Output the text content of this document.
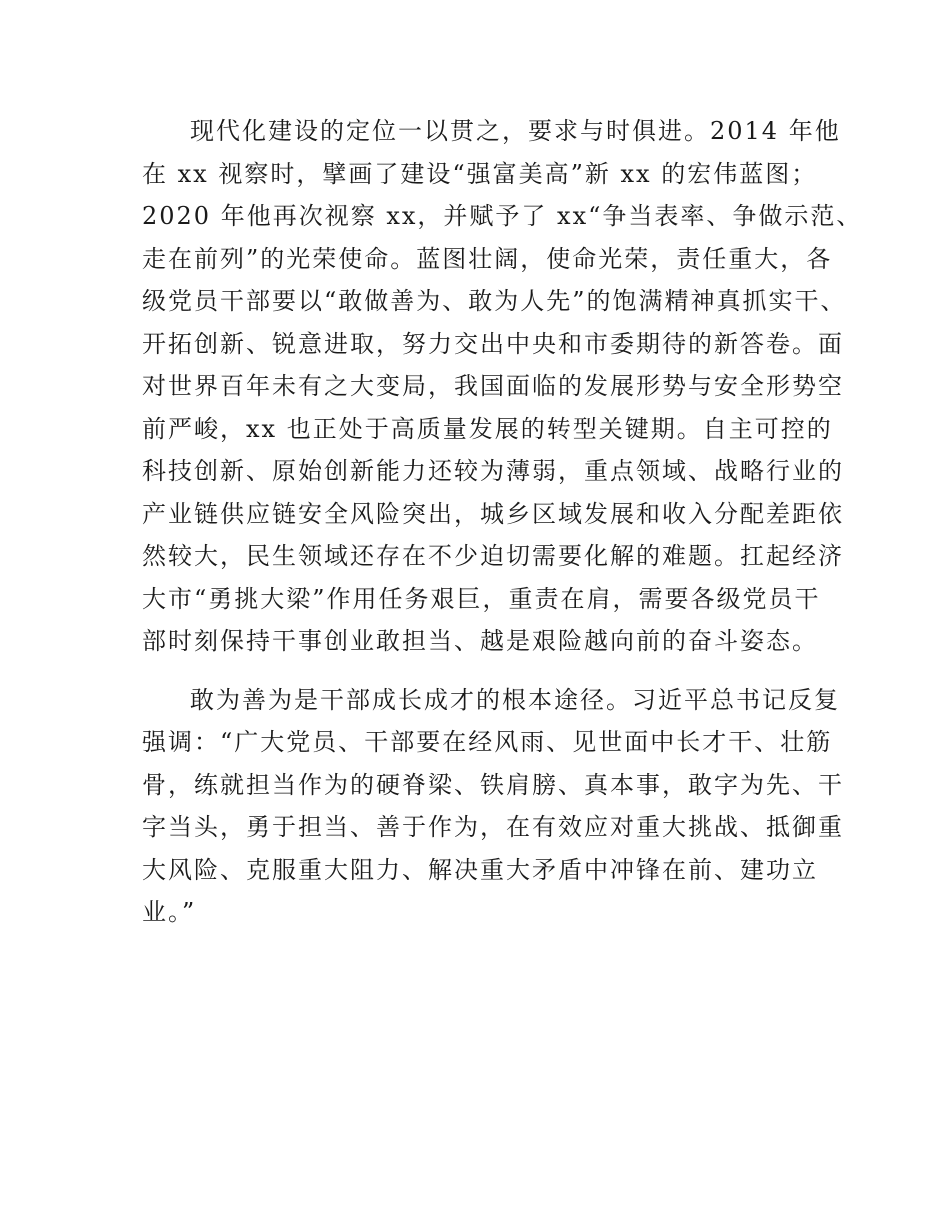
现代化建设的定位一以贯之，要求与时俱进。2014 年他
在 xx 视察时，擘画了建设“强富美高”新 xx 的宏伟蓝图；
2020 年他再次视察 xx，并赋予了 xx“争当表率、争做示范、
走在前列”的光荣使命。蓝图壮阔，使命光荣，责任重大，各
级党员干部要以“敢做善为、敢为人先”的饱满精神真抓实干、
开拓创新、锐意进取，努力交出中央和市委期待的新答卷。面
对世界百年未有之大变局，我国面临的发展形势与安全形势空
前严峻，xx 也正处于高质量发展的转型关键期。自主可控的
科技创新、原始创新能力还较为薄弱，重点领域、战略行业的
产业链供应链安全风险突出，城乡区域发展和收入分配差距依
然较大，民生领域还存在不少迫切需要化解的难题。扛起经济
大市“勇挑大梁”作用任务艰巨，重责在肩，需要各级党员干
部时刻保持干事创业敢担当、越是艰险越向前的奋斗姿态。
敢为善为是干部成长成才的根本途径。习近平总书记反复
强调：“广大党员、干部要在经风雨、见世面中长才干、壮筋
骨，练就担当作为的硬脊梁、铁肩膀、真本事，敢字为先、干
字当头，勇于担当、善于作为，在有效应对重大挑战、抵御重
大风险、克服重大阻力、解决重大矛盾中冲锋在前、建功立
业。”
